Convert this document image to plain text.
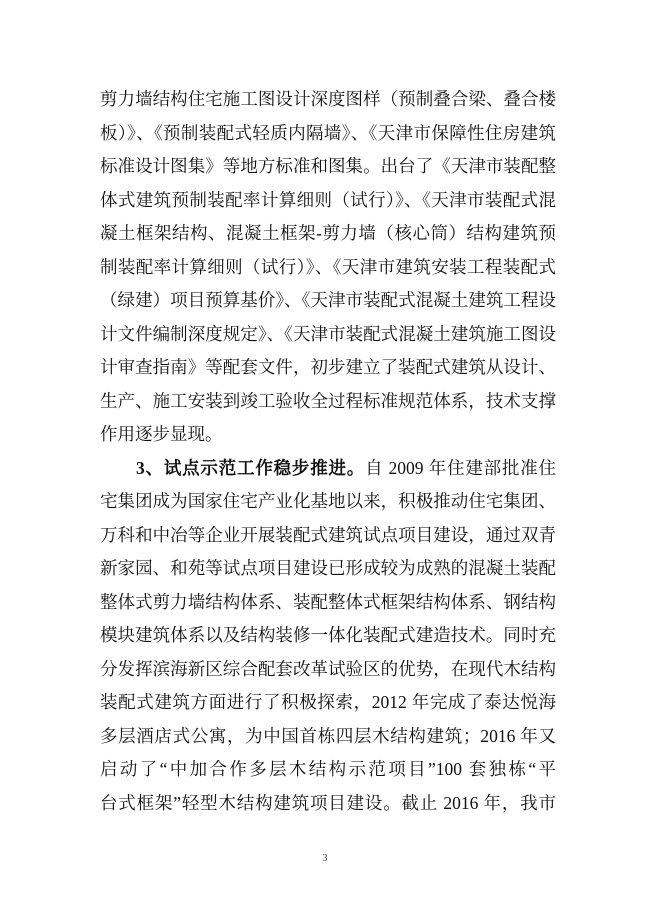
剪力墙结构住宅施工图设计深度图样（预制叠合梁、叠合楼
板）》、《预制装配式轻质内隔墙》、《天津市保障性住房建筑
标准设计图集》等地方标准和图集。出台了《天津市装配整
体式建筑预制装配率计算细则（试行）》、《天津市装配式混
凝土框架结构、混凝土框架-剪力墙（核心筒）结构建筑预
制装配率计算细则（试行）》、《天津市建筑安装工程装配式
（绿建）项目预算基价》、《天津市装配式混凝土建筑工程设
计文件编制深度规定》、《天津市装配式混凝土建筑施工图设
计审查指南》等配套文件，初步建立了装配式建筑从设计、
生产、施工安装到竣工验收全过程标准规范体系，技术支撑
作用逐步显现。
3、试点示范工作稳步推进。自 2009 年住建部批准住
宅集团成为国家住宅产业化基地以来，积极推动住宅集团、
万科和中冶等企业开展装配式建筑试点项目建设，通过双青
新家园、和苑等试点项目建设已形成较为成熟的混凝土装配
整体式剪力墙结构体系、装配整体式框架结构体系、钢结构
模块建筑体系以及结构装修一体化装配式建造技术。同时充
分发挥滨海新区综合配套改革试验区的优势，在现代木结构
装配式建筑方面进行了积极探索，2012 年完成了泰达悦海
多层酒店式公寓，为中国首栋四层木结构建筑；2016 年又
启动了“中加合作多层木结构示范项目”100 套独栋“平
台式框架”轻型木结构建筑项目建设。截止 2016 年，我市
3
